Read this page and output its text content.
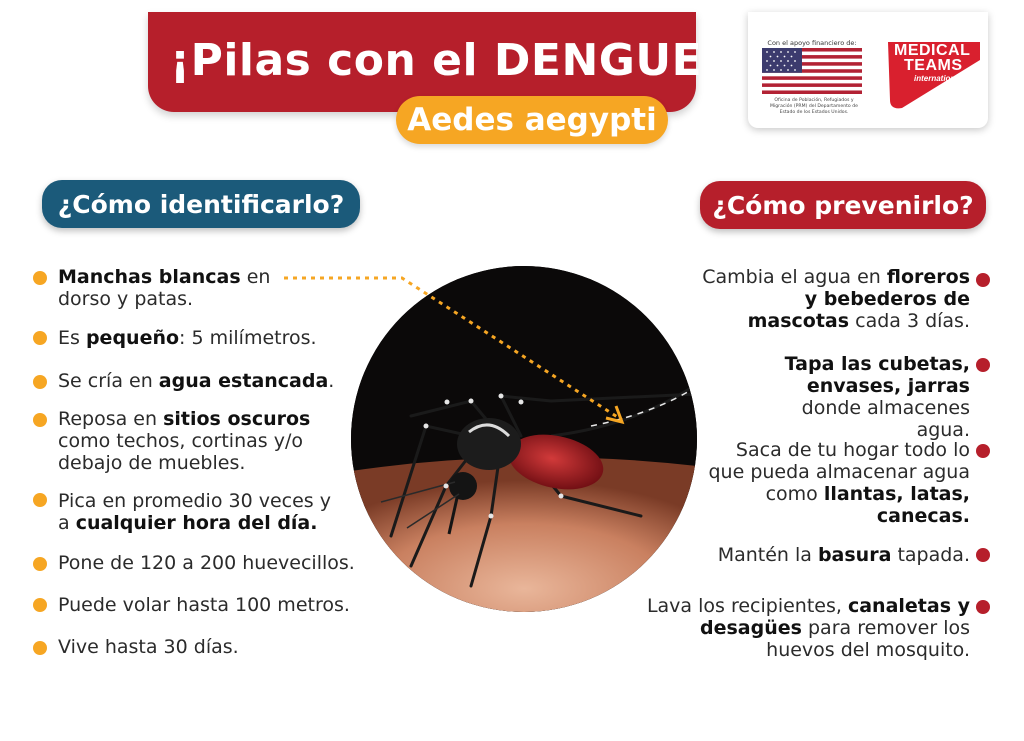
¡Pilas con el DENGUE!
Aedes aegypti
Con el apoyo financiero de:
Oficina de Población, Refugiados y Migración (PRM) del Departamento de Estado de los Estados Unidos.
MEDICAL
TEAMS
international
¿Cómo identificarlo?	¿Cómo prevenirlo?
Manchas blancas en dorso y patas.
Es pequeño: 5 milímetros.
Se cría en agua estancada.
Reposa en sitios oscuros como techos, cortinas y/o debajo de muebles.
Pica en promedio 30 veces y a cualquier hora del día.
Pone de 120 a 200 huevecillos.
Puede volar hasta 100 metros.
Vive hasta 30 días.
Cambia el agua en floreros y bebederos de mascotas cada 3 días.
Tapa las cubetas, envases, jarras donde almacenes agua.
Saca de tu hogar todo lo que pueda almacenar agua como llantas, latas, canecas.
Mantén la basura tapada.
Lava los recipientes, canaletas y desagües para remover los huevos del mosquito.
